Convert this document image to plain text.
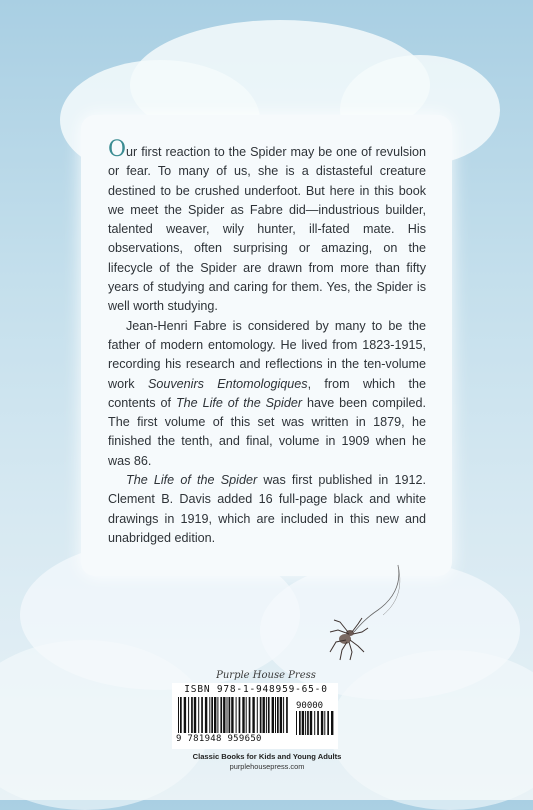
Our first reaction to the Spider may be one of revulsion or fear. To many of us, she is a distasteful creature destined to be crushed underfoot. But here in this book we meet the Spider as Fabre did—industrious builder, talented weaver, wily hunter, ill-fated mate. His observations, often surprising or amazing, on the lifecycle of the Spider are drawn from more than fifty years of studying and caring for them. Yes, the Spider is well worth studying.

Jean-Henri Fabre is considered by many to be the father of modern entomology. He lived from 1823-1915, recording his research and reflections in the ten-volume work Souvenirs Entomologiques, from which the contents of The Life of the Spider have been compiled. The first volume of this set was written in 1879, he finished the tenth, and final, volume in 1909 when he was 86.

The Life of the Spider was first published in 1912. Clement B. Davis added 16 full-page black and white drawings in 1919, which are included in this new and unabridged edition.

Purple House Press
ISBN 978-1-948959-65-0
9 781948 959650
90000
Classic Books for Kids and Young Adults
purplehousepress.com
